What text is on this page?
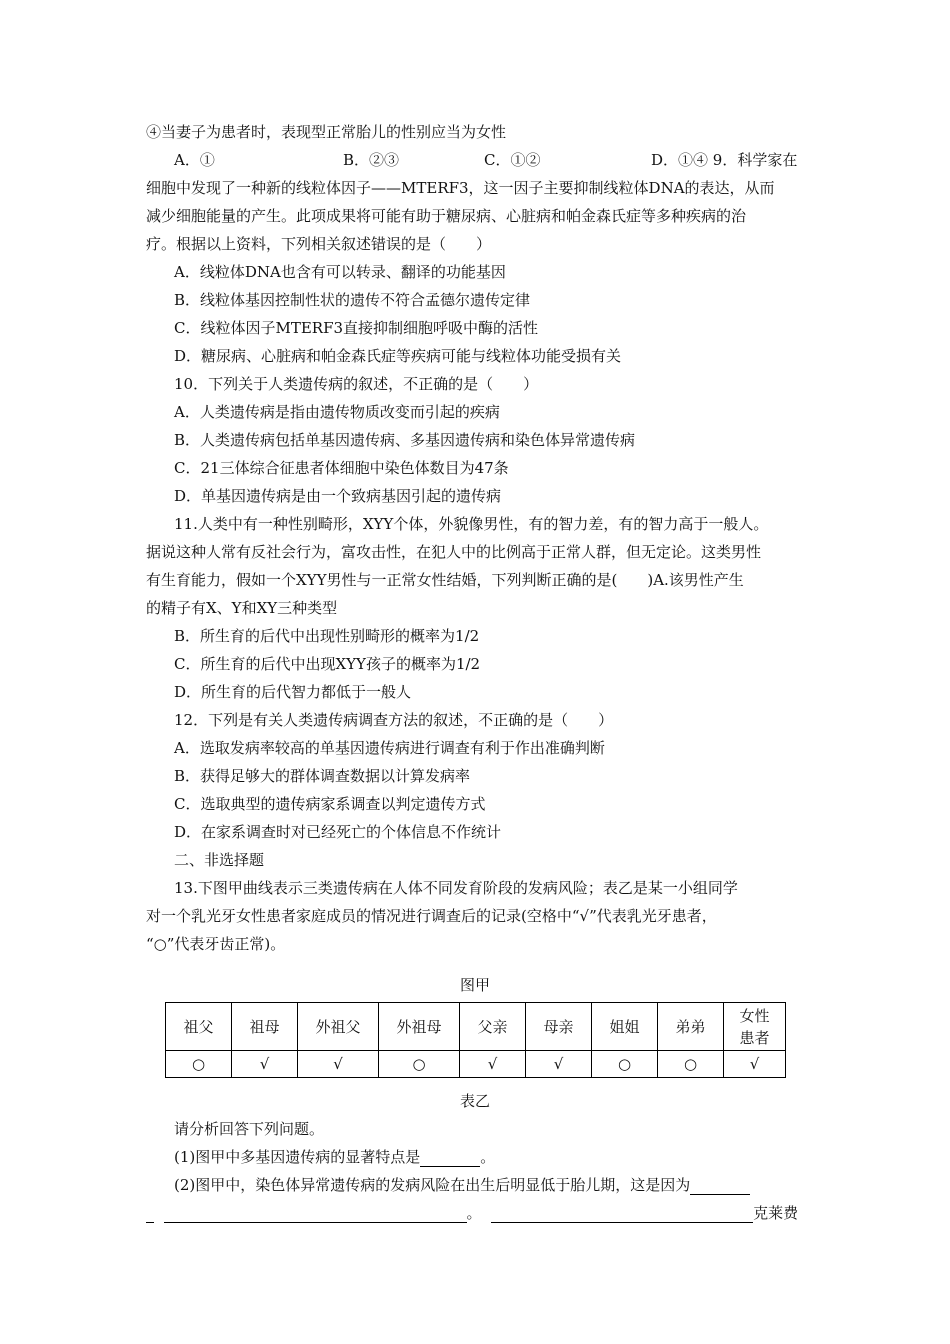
④当妻子为患者时，表现型正常胎儿的性别应当为女性
A．①	B．②③	C．①②	D．①④ 9．科学家在
细胞中发现了一种新的线粒体因子——MTERF3，这一因子主要抑制线粒体DNA的表达，从而
减少细胞能量的产生。此项成果将可能有助于糖尿病、心脏病和帕金森氏症等多种疾病的治
疗。根据以上资料，下列相关叙述错误的是（　　）
A．线粒体DNA也含有可以转录、翻译的功能基因
B．线粒体基因控制性状的遗传不符合孟德尔遗传定律
C．线粒体因子MTERF3直接抑制细胞呼吸中酶的活性
D．糖尿病、心脏病和帕金森氏症等疾病可能与线粒体功能受损有关
10．下列关于人类遗传病的叙述，不正确的是（　　）
A．人类遗传病是指由遗传物质改变而引起的疾病
B．人类遗传病包括单基因遗传病、多基因遗传病和染色体异常遗传病
C．21三体综合征患者体细胞中染色体数目为47条
D．单基因遗传病是由一个致病基因引起的遗传病
11.人类中有一种性别畸形，XYY个体，外貌像男性，有的智力差，有的智力高于一般人。
据说这种人常有反社会行为，富攻击性，在犯人中的比例高于正常人群，但无定论。这类男性
有生育能力，假如一个XYY男性与一正常女性结婚，下列判断正确的是(　　)A.该男性产生
的精子有X、Y和XY三种类型
B．所生育的后代中出现性别畸形的概率为1/2
C．所生育的后代中出现XYY孩子的概率为1/2
D．所生育的后代智力都低于一般人
12．下列是有关人类遗传病调查方法的叙述，不正确的是（　　）
A．选取发病率较高的单基因遗传病进行调查有利于作出准确判断
B．获得足够大的群体调查数据以计算发病率
C．选取典型的遗传病家系调查以判定遗传方式
D．在家系调查时对已经死亡的个体信息不作统计
二、非选择题
13.下图甲曲线表示三类遗传病在人体不同发育阶段的发病风险；表乙是某一小组同学
对一个乳光牙女性患者家庭成员的情况进行调查后的记录(空格中“√”代表乳光牙患者，
“○”代表牙齿正常)。
图甲
祖父	祖母	外祖父	外祖母	父亲	母亲	姐姐	弟弟	女性
患者

○	√	√	○	√	√	○	○	√
表乙
请分析回答下列问题。
(1)图甲中多基因遗传病的显著特点是	。
(2)图甲中，染色体异常遗传病的发病风险在出生后明显低于胎儿期，这是因为
。	克莱费
